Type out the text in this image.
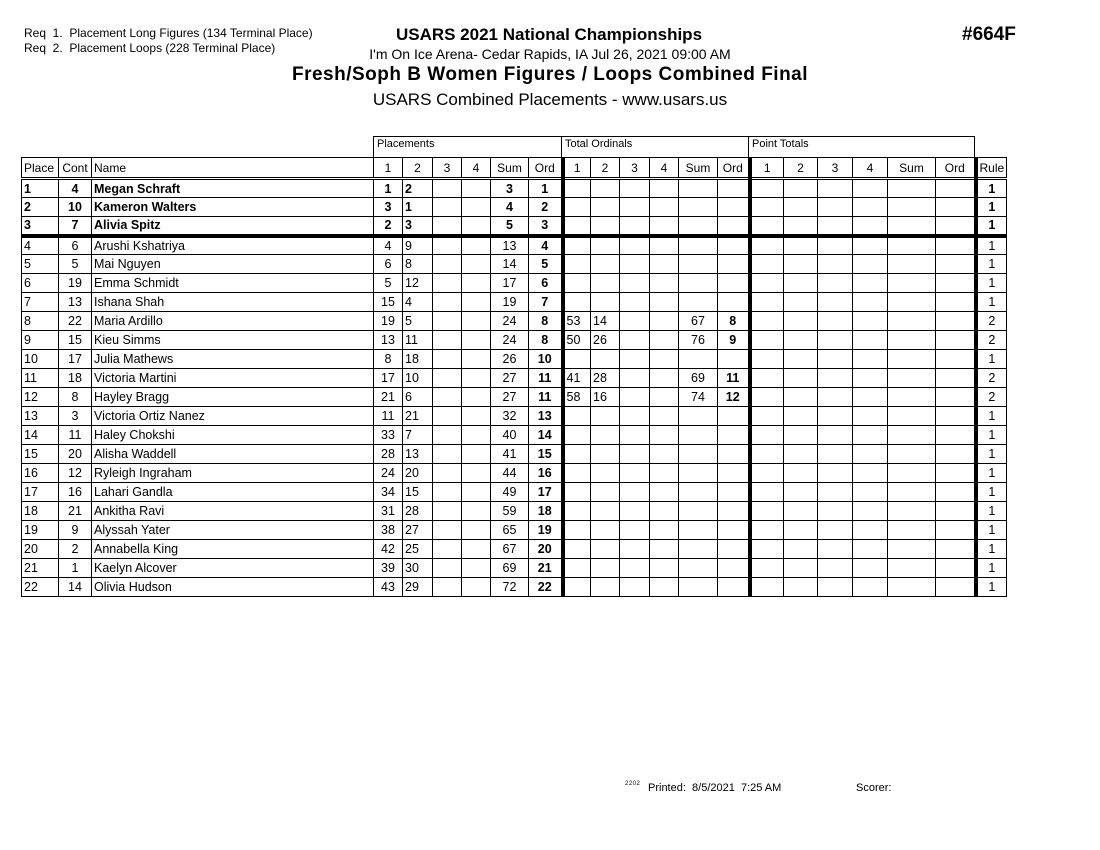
Req  1.  Placement Long Figures (134 Terminal Place)
Req  2.  Placement Loops (228 Terminal Place)
USARS 2021 National Championships
I'm On Ice Arena- Cedar Rapids, IA Jul 26, 2021 09:00 AM
Fresh/Soph B Women Figures / Loops Combined Final
USARS Combined Placements - www.usars.us
#664F
Placements	Total Ordinals	Point Totals
Place	Cont	Name	1	2	3	4	Sum	Ord	1	2	3	4	Sum	Ord	1	2	3	4	Sum	Ord	Rule
1	4	Megan Schraft	1	2			3	1													1
2	10	Kameron Walters	3	1			4	2													1
3	7	Alivia Spitz	2	3			5	3													1
4	6	Arushi Kshatriya	4	9			13	4													1
5	5	Mai Nguyen	6	8			14	5													1
6	19	Emma Schmidt	5	12			17	6													1
7	13	Ishana Shah	15	4			19	7													1
8	22	Maria Ardillo	19	5			24	8	53	14			67	8							2
9	15	Kieu Simms	13	11			24	8	50	26			76	9							2
10	17	Julia Mathews	8	18			26	10													1
11	18	Victoria Martini	17	10			27	11	41	28			69	11							2
12	8	Hayley Bragg	21	6			27	11	58	16			74	12							2
13	3	Victoria Ortiz Nanez	11	21			32	13													1
14	11	Haley Chokshi	33	7			40	14													1
15	20	Alisha Waddell	28	13			41	15													1
16	12	Ryleigh Ingraham	24	20			44	16													1
17	16	Lahari Gandla	34	15			49	17													1
18	21	Ankitha Ravi	31	28			59	18													1
19	9	Alyssah Yater	38	27			65	19													1
20	2	Annabella King	42	25			67	20													1
21	1	Kaelyn Alcover	39	30			69	21													1
22	14	Olivia Hudson	43	29			72	22													1
2202 Printed:  8/5/2021  7:25 AM	Scorer:
